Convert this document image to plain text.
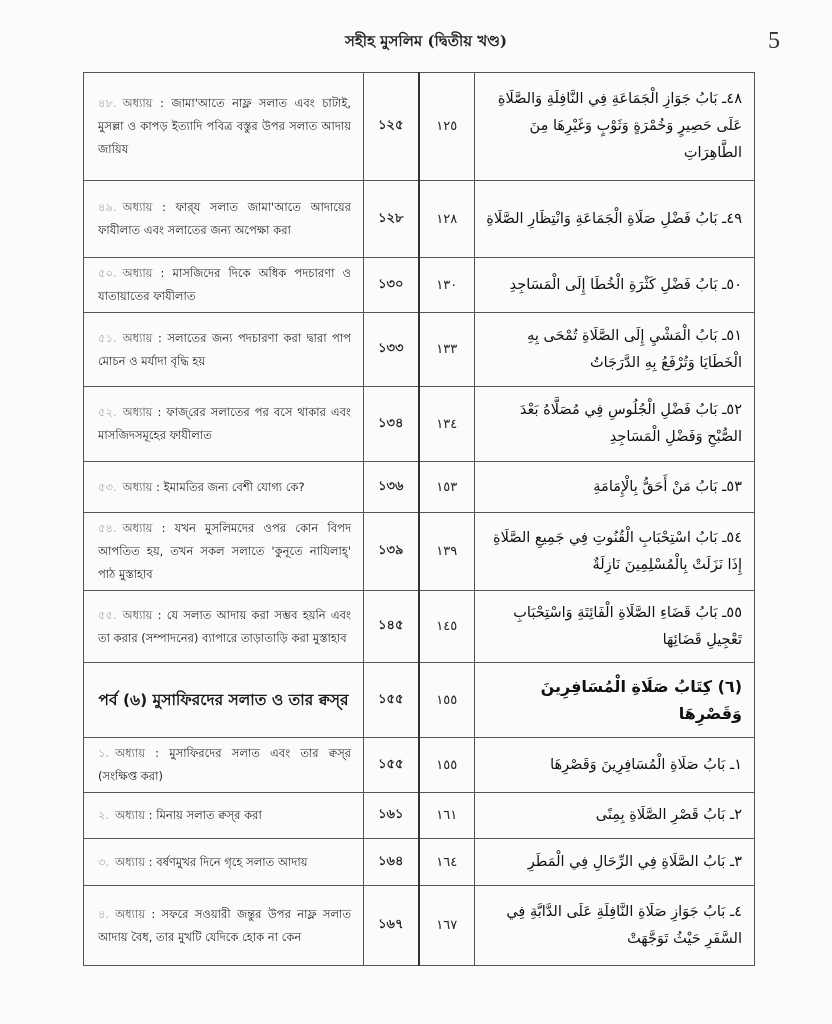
সহীহ মুসলিম (দ্বিতীয় খণ্ড)	5
৪৮. অধ্যায় : জামা'আতে নাফ্ল সলাত এবং চাটাই, মুসল্লা ও কাপড় ইত্যাদি পবিত্র বস্তুর উপর সলাত আদায় জায়িয	১২৫	١٢٥	٤٨ـ بَابُ جَوَازِ الْجَمَاعَةِ فِي النَّافِلَةِ وَالصَّلَاةِ عَلَى حَصِيرٍ وَخُمْرَةٍ وَثَوْبٍ وَغَيْرِهَا مِنَ الطَّاهِرَاتِ

৪৯. অধ্যায় : ফার্‌য সলাত জামা'আতে আদায়ের ফাযীলাত এবং সলাতের জন্য অপেক্ষা করা	১২৮	١٢٨	٤٩ـ بَابُ فَضْلِ صَلَاةِ الْجَمَاعَةِ وَانْتِظَارِ الصَّلَاةِ

৫০. অধ্যায় : মাসজিদের দিকে অধিক পদচারণা ও যাতায়াতের ফাযীলাত	১৩০	١٣٠	٥٠ـ بَابُ فَضْلِ كَثْرَةِ الْخُطَا إِلَى الْمَسَاجِدِ

৫১. অধ্যায় : সলাতের জন্য পদচারণা করা দ্বারা পাপ মোচন ও মর্যাদা বৃদ্ধি হয়	১৩৩	١٣٣	٥١ـ بَابُ الْمَشْيِ إِلَى الصَّلَاةِ تُمْحَى بِهِ الْخَطَايَا وَتُرْفَعُ بِهِ الدَّرَجَاتُ

৫২. অধ্যায় : ফাজ্‌রের সলাতের পর বসে থাকার এবং মাসজিদসমূহের ফাযীলাত	১৩৪	١٣٤	٥٢ـ بَابُ فَضْلِ الْجُلُوسِ فِي مُصَلَّاهُ بَعْدَ الصُّبْحِ وَفَضْلِ الْمَسَاجِدِ

৫৩. অধ্যায় : ইমামতির জন্য বেশী যোগ্য কে?	১৩৬	١٥٣	٥٣ـ بَابُ مَنْ أَحَقُّ بِالْإِمَامَةِ

৫৪. অধ্যায় : যখন মুসলিমদের ওপর কোন বিপদ আপতিত হয়, তখন সকল সলাতে 'কুনূতে নাযিলাহ্' পাঠ মুস্তাহাব	১৩৯	١٣٩	٥٤ـ بَابُ اسْتِحْبَابِ الْقُنُوتِ فِي جَمِيعِ الصَّلَاةِ إِذَا نَزَلَتْ بِالْمُسْلِمِينَ نَازِلَةٌ

৫৫. অধ্যায় : যে সলাত আদায় করা সম্ভব হয়নি এবং তা করার (সম্পাদনের) ব্যাপারে তাড়াতাড়ি করা মুস্তাহাব	১৪৫	١٤٥	٥٥ـ بَابُ قَضَاءِ الصَّلَاةِ الْفَائِتَةِ وَاسْتِحْبَابِ تَعْجِيلِ قَضَائِهَا

পর্ব (৬) মুসাফিরদের সলাত ও তার ক্বস্‌র	১৫৫	١٥٥	(٦) كِتَابُ صَلَاةِ الْمُسَافِرِينَ وَقَصْرِهَا

১. অধ্যায় : মুসাফিরদের সলাত এবং তার ক্বস্‌র (সংক্ষিপ্ত করা)	১৫৫	١٥٥	١ـ بَابُ صَلَاةِ الْمُسَافِرِينَ وَقَصْرِهَا

২. অধ্যায় : মিনায় সলাত ক্বস্‌র করা	১৬১	١٦١	٢ـ بَابُ قَصْرِ الصَّلَاةِ بِمِنًى

৩. অধ্যায় : বর্ষণমুখর দিনে গৃহে সলাত আদায়	১৬৪	١٦٤	٣ـ بَابُ الصَّلَاةِ فِي الرِّحَالِ فِي الْمَطَرِ

৪. অধ্যায় : সফরে সওয়ারী জন্তুর উপর নাফ্ল সলাত আদায় বৈধ, তার মুখটি যেদিকে হোক না কেন	১৬৭	١٦٧	٤ـ بَابُ جَوَازِ صَلَاةِ النَّافِلَةِ عَلَى الدَّابَّةِ فِي السَّفَرِ حَيْثُ تَوَجَّهَتْ
